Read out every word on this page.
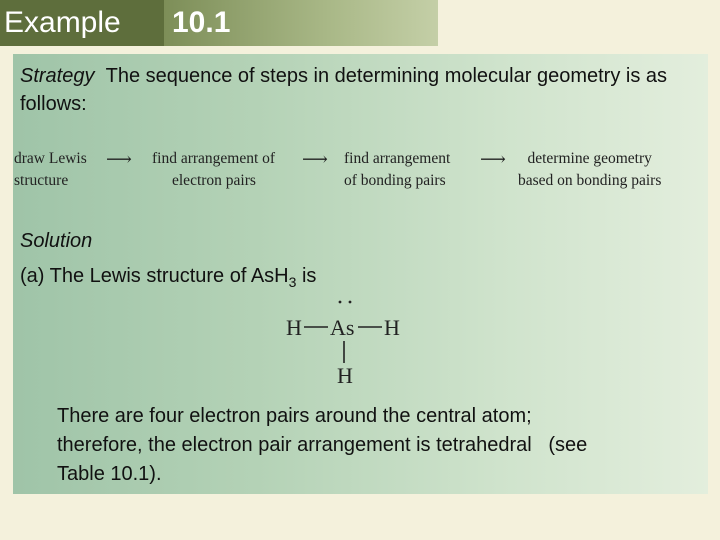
Example	10.1
Strategy The sequence of steps in determining molecular geometry is as follows:
draw Lewis
structure
⟶ find arrangement of
electron pairs
⟶ find arrangement
of bonding pairs
⟶	determine geometry
based on bonding pairs
Solution
(a) The Lewis structure of AsH$_3$ is
H As H
H
There are four electron pairs around the central atom;
therefore, the electron pair arrangement is tetrahedral   (see
Table 10.1).
